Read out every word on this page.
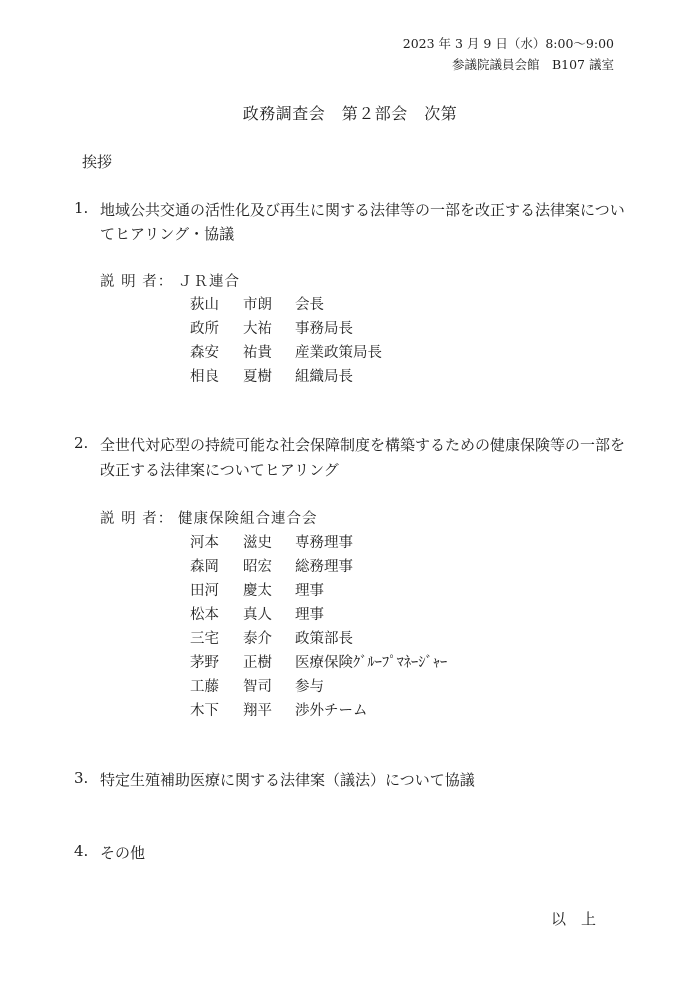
2023 年 3 月 9 日（水）8:00～9:00
参議院議員会館　B107 議室
政務調査会　第２部会　次第
挨拶
1. 地域公共交通の活性化及び再生に関する法律等の一部を改正する法律案につい
てヒアリング・協議
説 明 者： ＪＲ連合
荻山 市朗 会長
政所 大祐 事務局長
森安 祐貴 産業政策局長
相良 夏樹 組織局長
2. 全世代対応型の持続可能な社会保障制度を構築するための健康保険等の一部を
改正する法律案についてヒアリング
説 明 者： 健康保険組合連合会
河本 滋史 専務理事
森岡 昭宏 総務理事
田河 慶太 理事
松本 真人 理事
三宅 泰介 政策部長
茅野 正樹 医療保険ｸﾞﾙｰﾌﾟﾏﾈｰｼﾞｬｰ
工藤 智司 参与
木下 翔平 渉外チーム
3. 特定生殖補助医療に関する法律案（議法）について協議
4. その他
以　上
